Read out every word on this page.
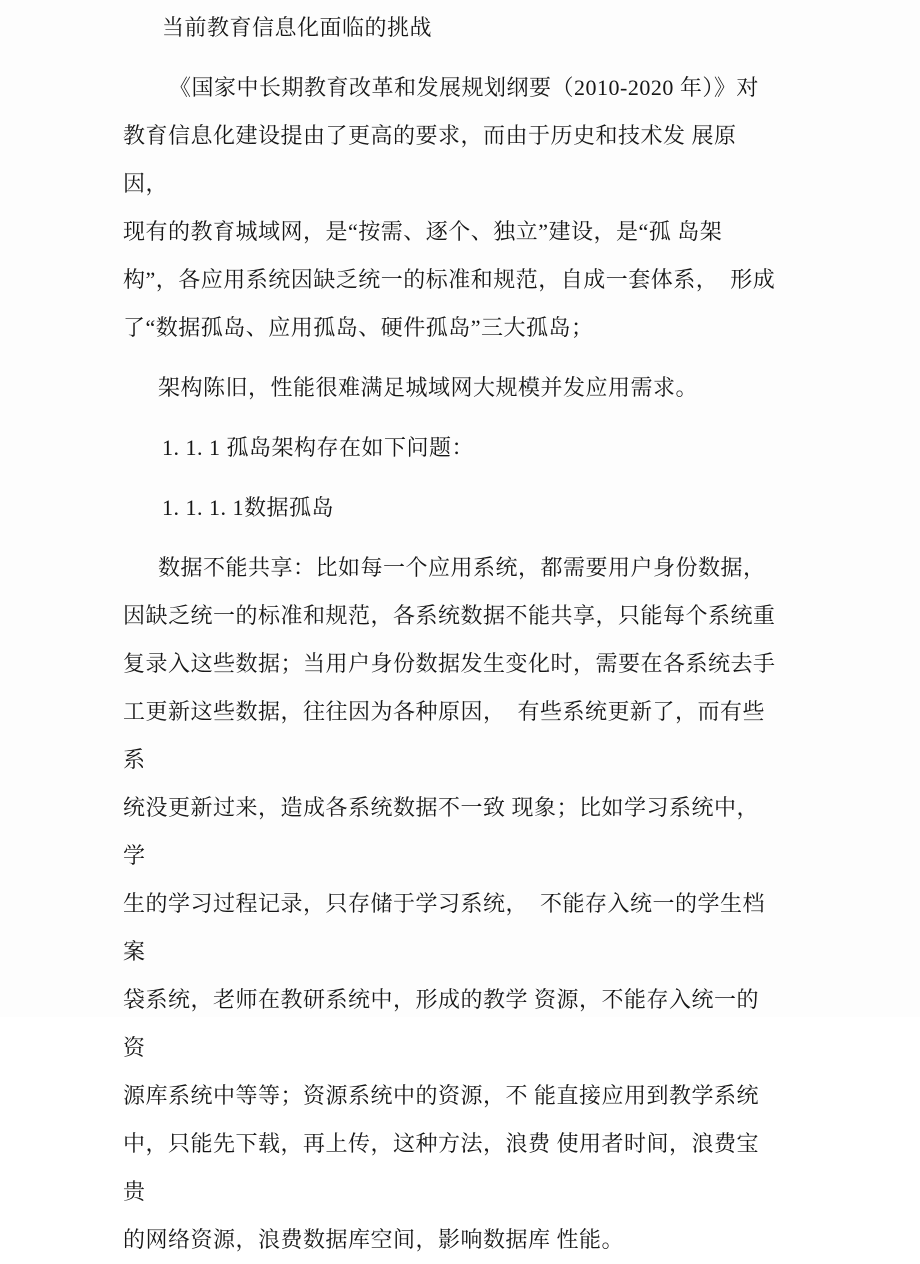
当前教育信息化面临的挑战
《国家中长期教育改革和发展规划纲要（2010-2020 年）》对
教育信息化建设提由了更高的要求，而由于历史和技术发 展原因，
现有的教育城域网，是“按需、逐个、独立”建设，是“孤 岛架
构”，各应用系统因缺乏统一的标准和规范，自成一套体系，  形成
了“数据孤岛、应用孤岛、硬件孤岛”三大孤岛；
架构陈旧，性能很难满足城域网大规模并发应用需求。
1. 1. 1 孤岛架构存在如下问题：
1. 1. 1. 1数据孤岛
数据不能共享：比如每一个应用系统，都需要用户身份数据，
因缺乏统一的标准和规范，各系统数据不能共享，只能每个系统重
复录入这些数据；当用户身份数据发生变化时，需要在各系统去手
工更新这些数据，往往因为各种原因，  有些系统更新了，而有些系
统没更新过来，造成各系统数据不一致 现象；比如学习系统中，学
生的学习过程记录，只存储于学习系统，  不能存入统一的学生档案
袋系统，老师在教研系统中，形成的教学 资源，不能存入统一的资
源库系统中等等；资源系统中的资源，不 能直接应用到教学系统
中，只能先下载，再上传，这种方法，浪费 使用者时间，浪费宝贵
的网络资源，浪费数据库空间，影响数据库 性能。
